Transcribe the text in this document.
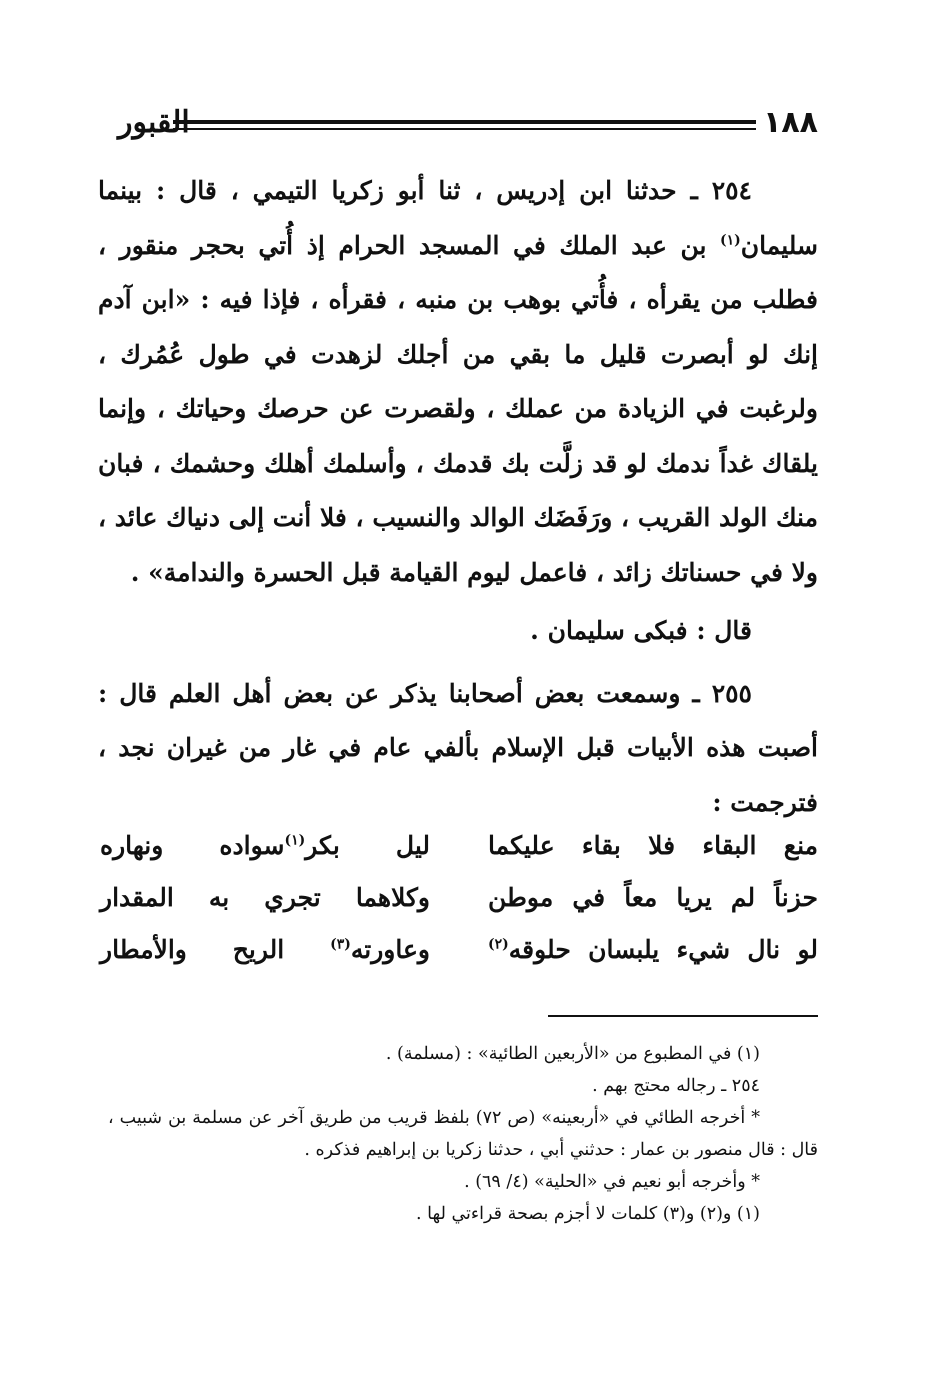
١٨٨
القبور

٢٥٤ ـ حدثنا ابن إدريس ، ثنا أبو زكريا التيمي ، قال : بينما سليمان$^{(١)}$ بن عبد الملك في المسجد الحرام إذ أُتي بحجر منقور ، فطلب من يقرأه ، فأُتي بوهب بن منبه ، فقرأه ، فإذا فيه : «ابن آدم إنك لو أبصرت قليل ما بقي من أجلك لزهدت في طول عُمُرك ، ولرغبت في الزيادة من عملك ، ولقصرت عن حرصك وحياتك ، وإنما يلقاك غداً ندمك لو قد زلَّت بك قدمك ، وأسلمك أهلك وحشمك ، فبان منك الولد القريب ، ورَفَضَك الوالد والنسيب ، فلا أنت إلى دنياك عائد ، ولا في حسناتك زائد ، فاعمل ليوم القيامة قبل الحسرة والندامة» .

قال : فبكى سليمان .

٢٥٥ ـ وسمعت بعض أصحابنا يذكر عن بعض أهل العلم قال : أصبت هذه الأبيات قبل الإسلام بألفي عام في غار من غيران نجد ، فترجمت :

منع البقاء فلا بقاء عليكما
ليل بكر$^{(١)}$سواده ونهاره
حزناً لم يريا معاً في موطن
وكلاهما تجري به المقدار
لو نال شيء يلبسان حلوقه$^{(٢)}$
وعاورته$^{(٣)}$ الريح والأمطار

(١) في المطبوع من «الأربعين الطائية» : (مسلمة) .

٢٥٤ ـ رجاله محتج بهم .

* أخرجه الطائي في «أربعينه» (ص ٧٢) بلفظ قريب من طريق آخر عن مسلمة بن شبيب ، قال : قال منصور بن عمار : حدثني أبي ، حدثنا زكريا بن إبراهيم فذكره .

* وأخرجه أبو نعيم في «الحلية» (٤/ ٦٩) .

(١) و(٢) و(٣) كلمات لا أجزم بصحة قراءتي لها .
